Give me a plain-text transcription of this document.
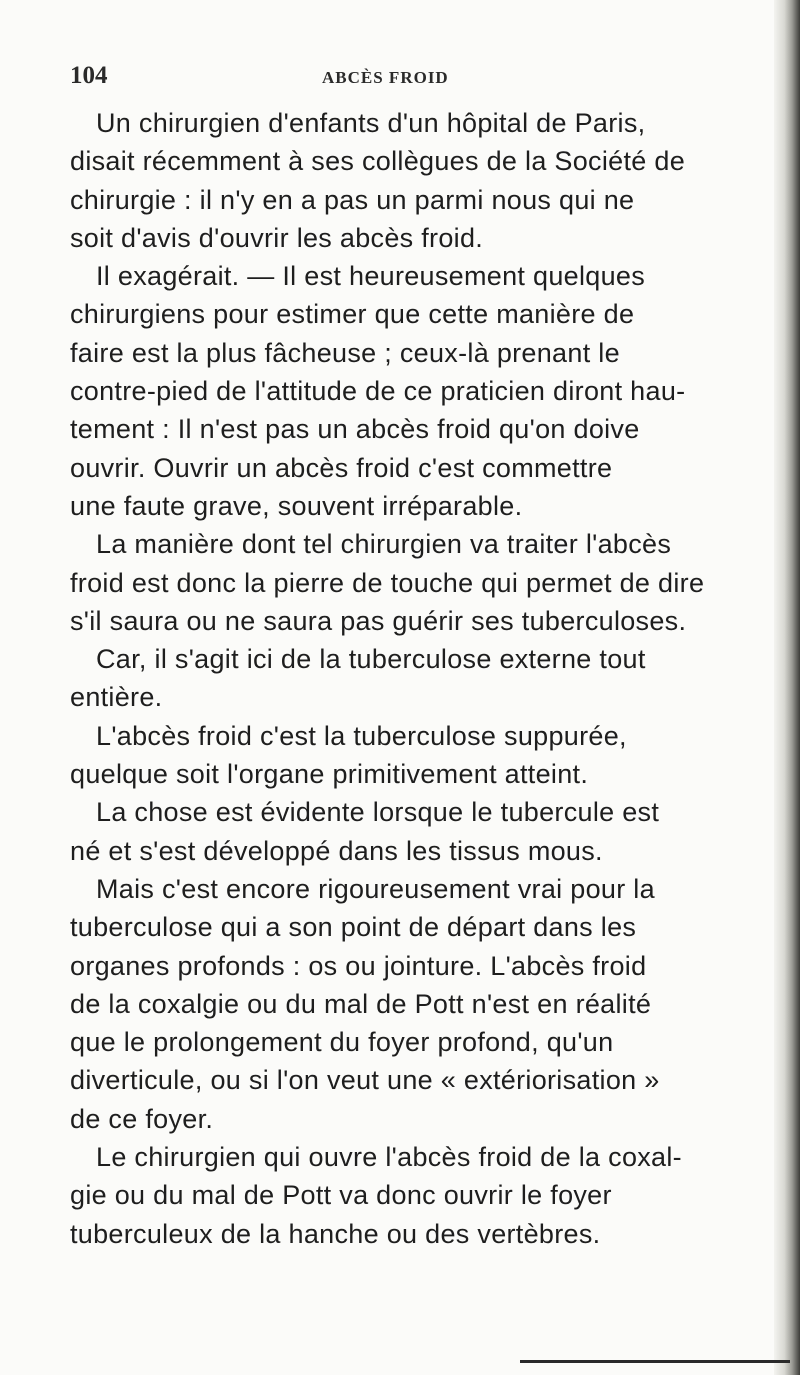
104	ABCÈS FROID
Un chirurgien d'enfants d'un hôpital de Paris,
disait récemment à ses collègues de la Société de
chirurgie : il n'y en a pas un parmi nous qui ne
soit d'avis d'ouvrir les abcès froid.
Il exagérait. — Il est heureusement quelques
chirurgiens pour estimer que cette manière de
faire est la plus fâcheuse ; ceux-là prenant le
contre-pied de l'attitude de ce praticien diront hau-
tement : Il n'est pas un abcès froid qu'on doive
ouvrir. Ouvrir un abcès froid c'est commettre
une faute grave, souvent irréparable.
La manière dont tel chirurgien va traiter l'abcès
froid est donc la pierre de touche qui permet de dire
s'il saura ou ne saura pas guérir ses tuberculoses.
Car, il s'agit ici de la tuberculose externe tout
entière.
L'abcès froid c'est la tuberculose suppurée,
quelque soit l'organe primitivement atteint.
La chose est évidente lorsque le tubercule est
né et s'est développé dans les tissus mous.
Mais c'est encore rigoureusement vrai pour la
tuberculose qui a son point de départ dans les
organes profonds : os ou jointure. L'abcès froid
de la coxalgie ou du mal de Pott n'est en réalité
que le prolongement du foyer profond, qu'un
diverticule, ou si l'on veut une « extériorisation »
de ce foyer.
Le chirurgien qui ouvre l'abcès froid de la coxal-
gie ou du mal de Pott va donc ouvrir le foyer
tuberculeux de la hanche ou des vertèbres.
